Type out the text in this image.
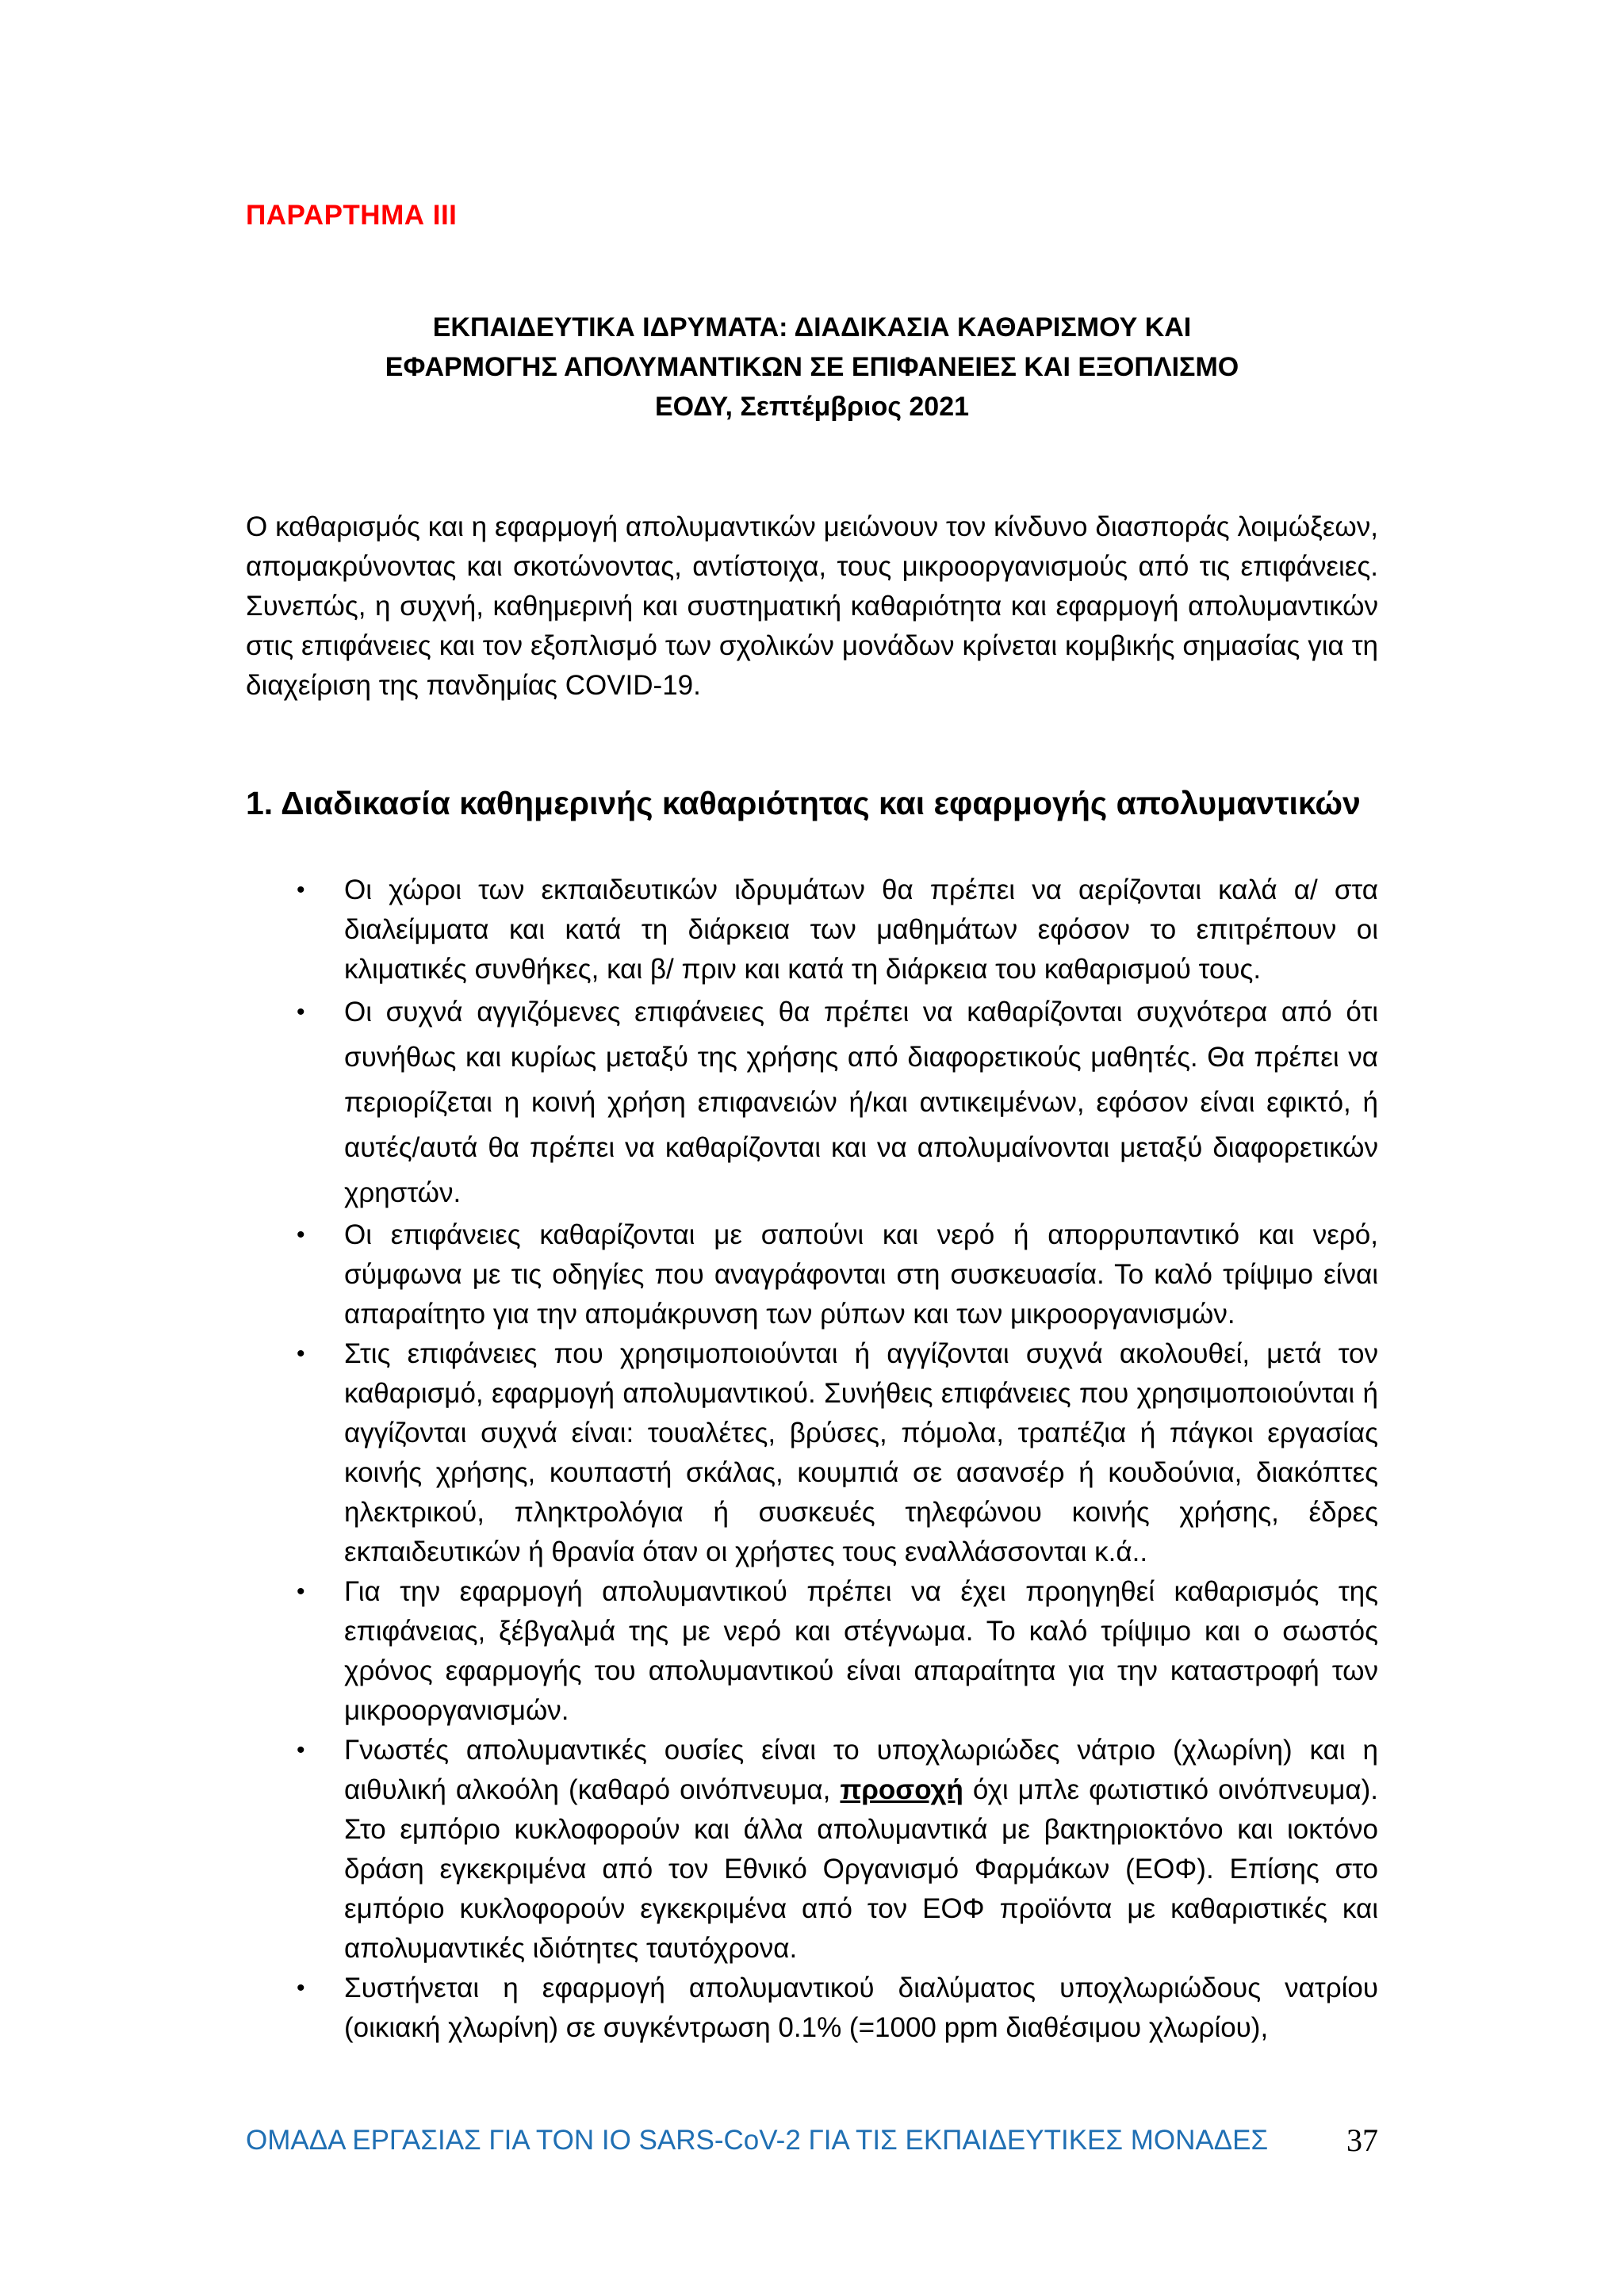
ΠΑΡΑΡΤΗΜΑ ΙΙΙ
ΕΚΠΑΙΔΕΥΤΙΚΑ ΙΔΡΥΜΑΤΑ: ΔΙΑΔΙΚΑΣΙΑ ΚΑΘΑΡΙΣΜΟΥ ΚΑΙ
ΕΦΑΡΜΟΓΗΣ ΑΠΟΛΥΜΑΝΤΙΚΩΝ ΣΕ ΕΠΙΦΑΝΕΙΕΣ ΚΑΙ ΕΞΟΠΛΙΣΜΟ
ΕΟΔΥ, Σεπτέμβριος 2021

Ο καθαρισμός και η εφαρμογή απολυμαντικών μειώνουν τον κίνδυνο διασποράς λοιμώξεων, απομακρύνοντας και σκοτώνοντας, αντίστοιχα, τους μικροοργανισμούς από τις επιφάνειες. Συνεπώς, η συχνή, καθημερινή και συστηματική καθαριότητα και εφαρμογή απολυμαντικών στις επιφάνειες και τον εξοπλισμό των σχολικών μονάδων κρίνεται κομβικής σημασίας για τη διαχείριση της πανδημίας COVID-19.

1. Διαδικασία καθημερινής καθαριότητας και εφαρμογής απολυμαντικών
• Οι χώροι των εκπαιδευτικών ιδρυμάτων θα πρέπει να αερίζονται καλά α/ στα διαλείμματα και κατά τη διάρκεια των μαθημάτων εφόσον το επιτρέπουν οι κλιματικές συνθήκες, και β/ πριν και κατά τη διάρκεια του καθαρισμού τους.
• Οι συχνά αγγιζόμενες επιφάνειες θα πρέπει να καθαρίζονται συχνότερα από ότι συνήθως και κυρίως μεταξύ της χρήσης από διαφορετικούς μαθητές. Θα πρέπει να περιορίζεται η κοινή χρήση επιφανειών ή/και αντικειμένων, εφόσον είναι εφικτό, ή αυτές/αυτά θα πρέπει να καθαρίζονται και να απολυμαίνονται μεταξύ διαφορετικών χρηστών.
• Οι επιφάνειες καθαρίζονται με σαπούνι και νερό ή απορρυπαντικό και νερό, σύμφωνα με τις οδηγίες που αναγράφονται στη συσκευασία. Το καλό τρίψιμο είναι απαραίτητο για την απομάκρυνση των ρύπων και των μικροοργανισμών.
• Στις επιφάνειες που χρησιμοποιούνται ή αγγίζονται συχνά ακολουθεί, μετά τον καθαρισμό, εφαρμογή απολυμαντικού. Συνήθεις επιφάνειες που χρησιμοποιούνται ή αγγίζονται συχνά είναι: τουαλέτες, βρύσες, πόμολα, τραπέζια ή πάγκοι εργασίας κοινής χρήσης, κουπαστή σκάλας, κουμπιά σε ασανσέρ ή κουδούνια, διακόπτες ηλεκτρικού, πληκτρολόγια ή συσκευές τηλεφώνου κοινής χρήσης, έδρες εκπαιδευτικών ή θρανία όταν οι χρήστες τους εναλλάσσονται κ.ά..
• Για την εφαρμογή απολυμαντικού πρέπει να έχει προηγηθεί καθαρισμός της επιφάνειας, ξέβγαλμά της με νερό και στέγνωμα. Το καλό τρίψιμο και ο σωστός χρόνος εφαρμογής του απολυμαντικού είναι απαραίτητα για την καταστροφή των μικροοργανισμών.
• Γνωστές απολυμαντικές ουσίες είναι το υποχλωριώδες νάτριο (χλωρίνη) και η αιθυλική αλκοόλη (καθαρό οινόπνευμα, προσοχή όχι μπλε φωτιστικό οινόπνευμα). Στο εμπόριο κυκλοφορούν και άλλα απολυμαντικά με βακτηριοκτόνο και ιοκτόνο δράση εγκεκριμένα από τον Εθνικό Οργανισμό Φαρμάκων (ΕΟΦ). Επίσης στο εμπόριο κυκλοφορούν εγκεκριμένα από τον ΕΟΦ προϊόντα με καθαριστικές και απολυμαντικές ιδιότητες ταυτόχρονα.
• Συστήνεται η εφαρμογή απολυμαντικού διαλύματος υποχλωριώδους νατρίου (οικιακή χλωρίνη) σε συγκέντρωση 0.1% (=1000 ppm διαθέσιμου χλωρίου),
ΟΜΑΔΑ ΕΡΓΑΣΙΑΣ ΓΙΑ ΤΟΝ ΙΟ SARS-CoV-2 ΓΙΑ ΤΙΣ ΕΚΠΑΙΔΕΥΤΙΚΕΣ ΜΟΝΑΔΕΣ 37
